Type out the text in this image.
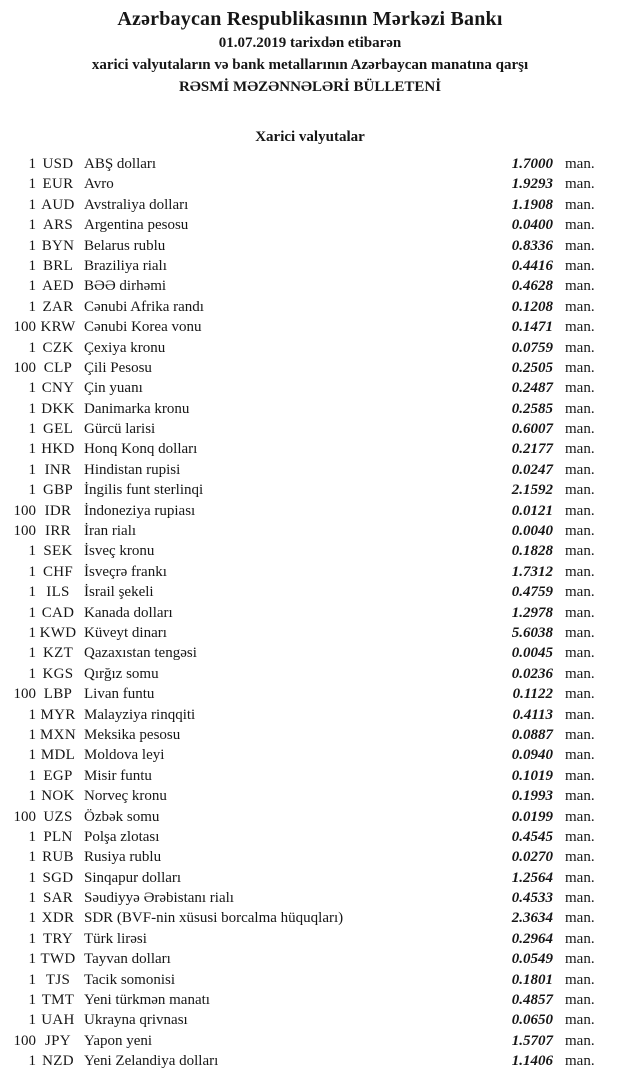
Azərbaycan Respublikasının Mərkəzi Bankı
01.07.2019 tarixdən etibarən
xarici valyutaların və bank metallarının Azərbaycan manatına qarşı
RƏSMİ MƏZƏNNƏLƏRİ BÜLLETENİ
Xarici valyutalar
1 USD ABŞ dolları	1.7000 man.
1 EUR Avro	1.9293 man.
1 AUD Avstraliya dolları	1.1908 man.
1 ARS Argentina pesosu	0.0400 man.
1 BYN Belarus rublu	0.8336 man.
1 BRL Braziliya rialı	0.4416 man.
1 AED BƏƏ dirhəmi	0.4628 man.
1 ZAR Cənubi Afrika randı	0.1208 man.
100 KRW Cənubi Korea vonu	0.1471 man.
1 CZK Çexiya kronu	0.0759 man.
100 CLP Çili Pesosu	0.2505 man.
1 CNY Çin yuanı	0.2487 man.
1 DKK Danimarka kronu	0.2585 man.
1 GEL Gürcü larisi	0.6007 man.
1 HKD Honq Konq dolları	0.2177 man.
1 INR Hindistan rupisi	0.0247 man.
1 GBP İngilis funt sterlinqi	2.1592 man.
100 IDR İndoneziya rupiası	0.0121 man.
100 IRR İran rialı	0.0040 man.
1 SEK İsveç kronu	0.1828 man.
1 CHF İsveçrə frankı	1.7312 man.
1 ILS İsrail şekeli	0.4759 man.
1 CAD Kanada dolları	1.2978 man.
1 KWD Küveyt dinarı	5.6038 man.
1 KZT Qazaxıstan tengəsi	0.0045 man.
1 KGS Qırğız somu	0.0236 man.
100 LBP Livan funtu	0.1122 man.
1 MYR Malayziya rinqqiti	0.4113 man.
1 MXN Meksika pesosu	0.0887 man.
1 MDL Moldova leyi	0.0940 man.
1 EGP Misir funtu	0.1019 man.
1 NOK Norveç kronu	0.1993 man.
100 UZS Özbək somu	0.0199 man.
1 PLN Polşa zlotası	0.4545 man.
1 RUB Rusiya rublu	0.0270 man.
1 SGD Sinqapur dolları	1.2564 man.
1 SAR Səudiyyə Ərəbistanı rialı	0.4533 man.
1 XDR SDR (BVF-nin xüsusi borcalma hüquqları)	2.3634 man.
1 TRY Türk lirəsi	0.2964 man.
1 TWD Tayvan dolları	0.0549 man.
1 TJS Tacik somonisi	0.1801 man.
1 TMT Yeni türkmən manatı	0.4857 man.
1 UAH Ukrayna qrivnası	0.0650 man.
100 JPY Yapon yeni	1.5707 man.
1 NZD Yeni Zelandiya dolları	1.1406 man.
